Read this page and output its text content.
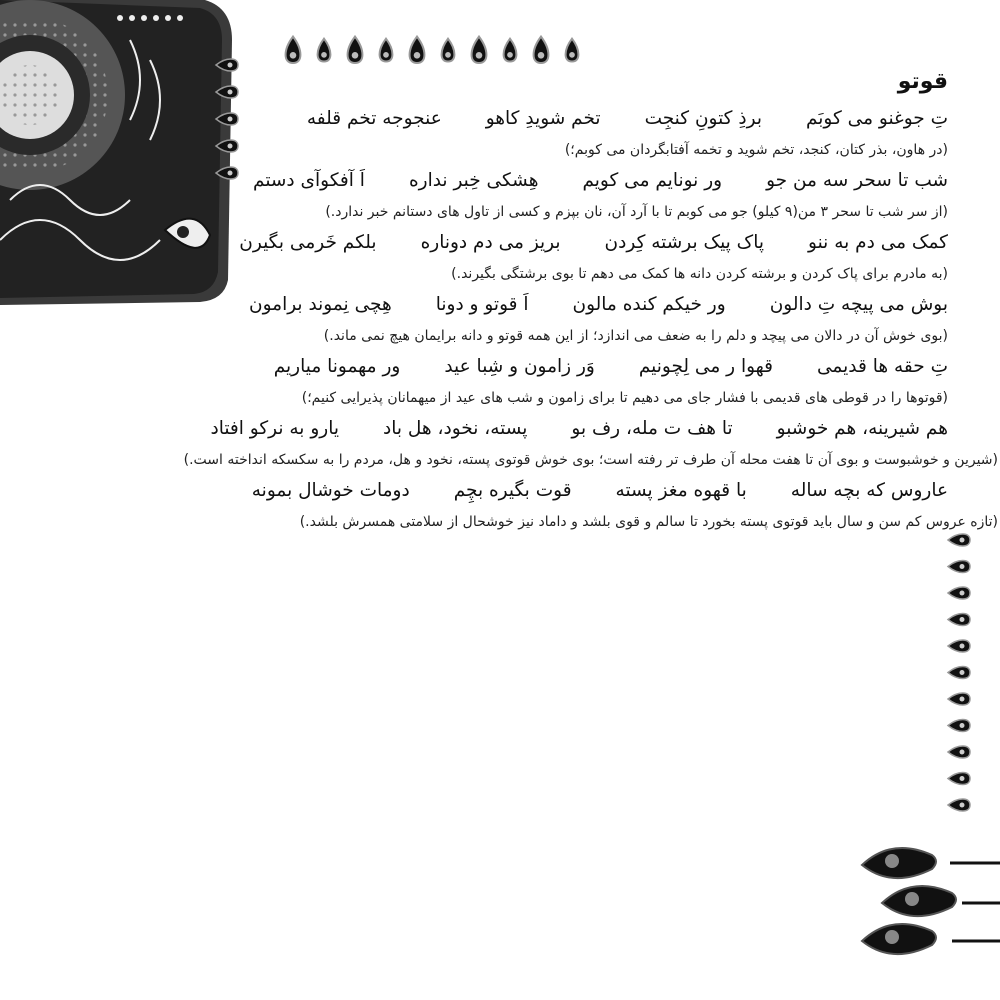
قوتو
تِ جوغنو می کوبَمبرذِ کتونِ کنجِتتخم شویدِ کاهوعنجوجه تخم قلفه
(در هاون، بذر کتان، کنجد، تخم شوید و تخمه آفتابگردان می کوبم؛)
شب تا سحر سه من جوور نونایم می کویمهِشکی خِبر ندارهاَ آفکوآی دستم
(از سر شب تا سحر ۳ من(۹ کیلو) جو می کوبم تا با آرد آن، نان بپزم و کسی از تاول های دستانم خبر ندارد.)
کمک می دم به ننوپاک پیک برشته کِردنبریز می دم دونارهبلکم خَرمی بگیرن
(به مادرم برای پاک کردن و برشته کردن دانه ها کمک می دهم تا بوی برشتگی بگیرند.)
بوش می پیچه تِ دالونور خیکم کنده مالوناَ قوتو و دوناهِچی نِموند برامون
(بوی خوش آن در دالان می پیچد و دلم را به ضعف می اندازد؛ از این همه قوتو و دانه برایمان هیچ نمی ماند.)
تِ حقه ها قدیمیقهوا ر می لِچونیموَر زامون و شِبا عیدور مهمونا میاریم
(قوتوها را در قوطی های قدیمی با فشار جای می دهیم تا برای زامون و شب های عید از میهمانان پذیرایی کنیم؛)
هم شیرینه، هم خوشبوتا هف ت مله، رف بوپسته، نخود، هل بادیارو به نرکو افتاد
(شیرین و خوشبوست و بوی آن تا هفت محله آن طرف تر رفته است؛ بوی خوش قوتوی پسته، نخود و هل، مردم را به سکسکه انداخته است.)
عاروس که بچه سالهبا قهوه مغز پستهقوت بگیره بچِمدومات خوشال بمونه
(تازه عروس کم سن و سال باید قوتوی پسته بخورد تا سالم و قوی بلشد و داماد نیز خوشحال از سلامتی همسرش بلشد.)
